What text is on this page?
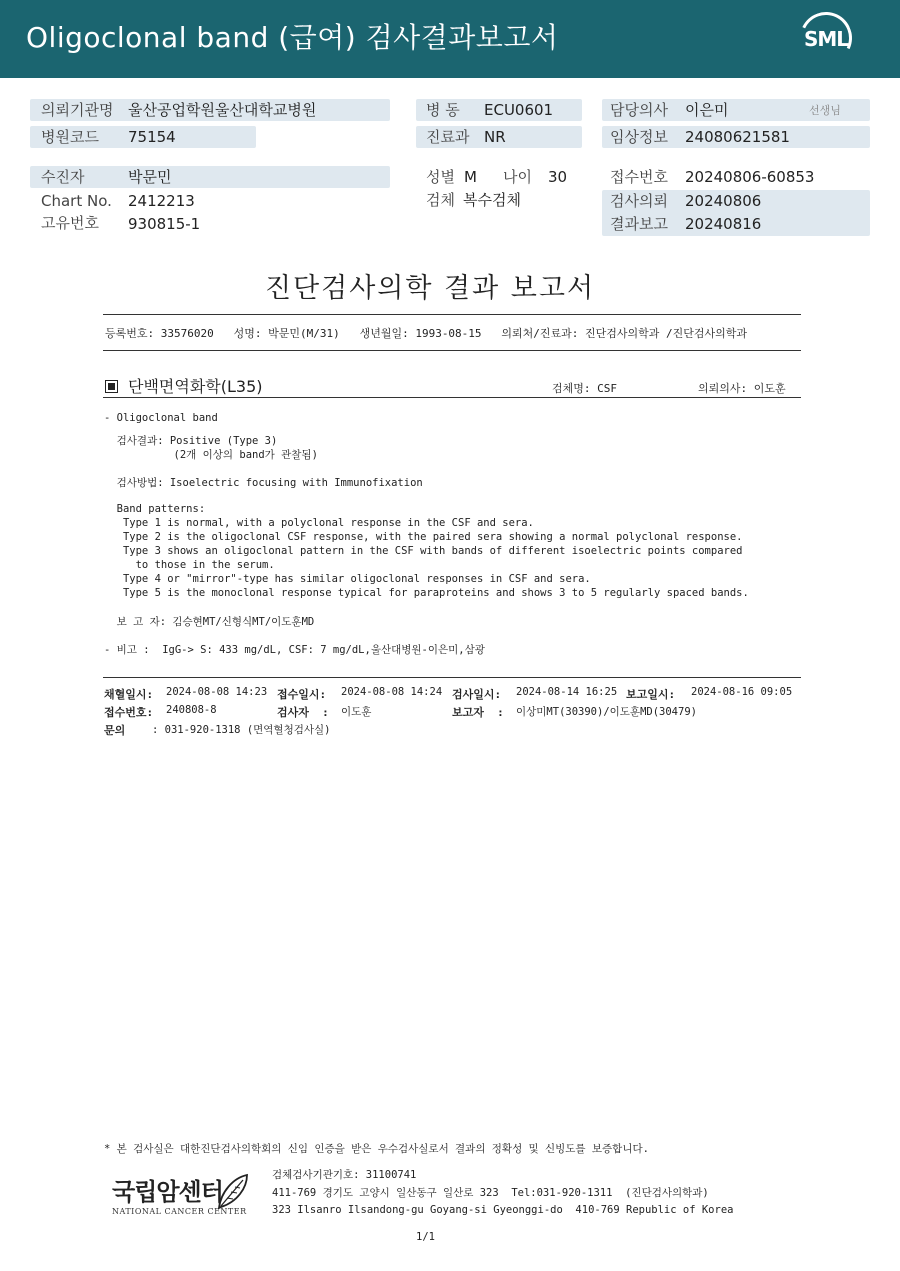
Oligoclonal band (급여) 검사결과보고서	SML
의뢰기관명 울산공업학원울산대학교병원
병원코드 75154
수진자	박문민
Chart No. 2412213
고유번호 930815-1
병 동 ECU0601
진료과 NR
성별 M 나이 30
검체 복수검체
담당의사 이은미	선생님
임상정보 24080621581
접수번호 20240806-60853
검사의뢰 20240806
결과보고 20240816
진단검사의학 결과 보고서
등록번호: 33576020   성명: 박문민(M/31)   생년월일: 1993-08-15   의뢰처/진료과: 진단검사의학과 /진단검사의학과
단백면역화학(L35)	검체명: CSF	의뢰의사: 이도훈
- Oligoclonal band
검사결과: Positive (Type 3)
(2개 이상의 band가 관찰됨)
검사방법: Isoelectric focusing with Immunofixation
Band patterns:
Type 1 is normal, with a polyclonal response in the CSF and sera.
Type 2 is the oligoclonal CSF response, with the paired sera showing a normal polyclonal response.
Type 3 shows an oligoclonal pattern in the CSF with bands of different isoelectric points compared
to those in the serum.
Type 4 or "mirror"-type has similar oligoclonal responses in CSF and sera.
Type 5 is the monoclonal response typical for paraproteins and shows 3 to 5 regularly spaced bands.
보 고 자: 김승현MT/신형식MT/이도훈MD
- 비고 :  IgG-> S: 433 mg/dL, CSF: 7 mg/dL,울산대병원-이은미,삼광
채혈일시: 2024-08-08 14:23 접수일시: 2024-08-08 14:24 검사일시: 2024-08-14 16:25 보고일시: 2024-08-16 09:05
접수번호: 240808-8	검사자  : 이도훈	보고자  : 이상미MT(30390)/이도훈MD(30479)
문의	: 031-920-1318 (면역혈청검사실)
* 본 검사실은 대한진단검사의학회의 신임 인증을 받은 우수검사실로서 결과의 정확성 및 신빙도를 보증합니다.
국립암센터
NATIONAL CANCER CENTER
검체검사기관기호: 31100741
411-769 경기도 고양시 일산동구 일산로 323  Tel:031-920-1311  (진단검사의학과)
323 Ilsanro Ilsandong-gu Goyang-si Gyeonggi-do  410-769 Republic of Korea
1/1
